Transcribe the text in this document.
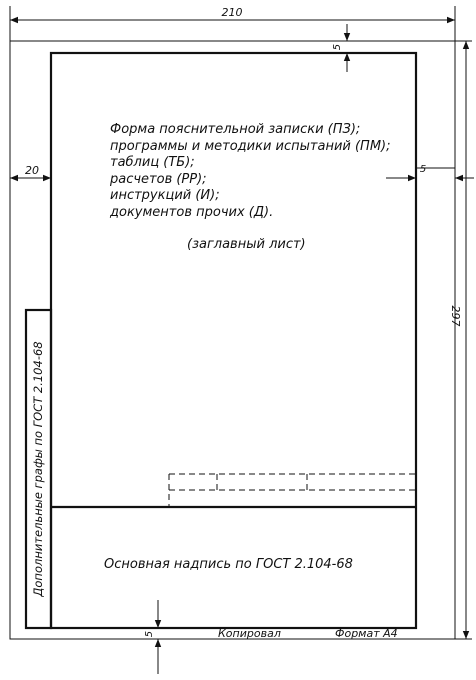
210
297
20
5
5
5
Форма пояснительной записки (ПЗ);
программы и методики испытаний (ПМ);
таблиц (ТБ);
расчетов (РР);
инструкций (И);
документов прочих (Д).
(заглавный лист)
Основная надпись по ГОСТ 2.104-68
Дополнительные графы по ГОСТ 2.104-68
Копировал	Формат А4
